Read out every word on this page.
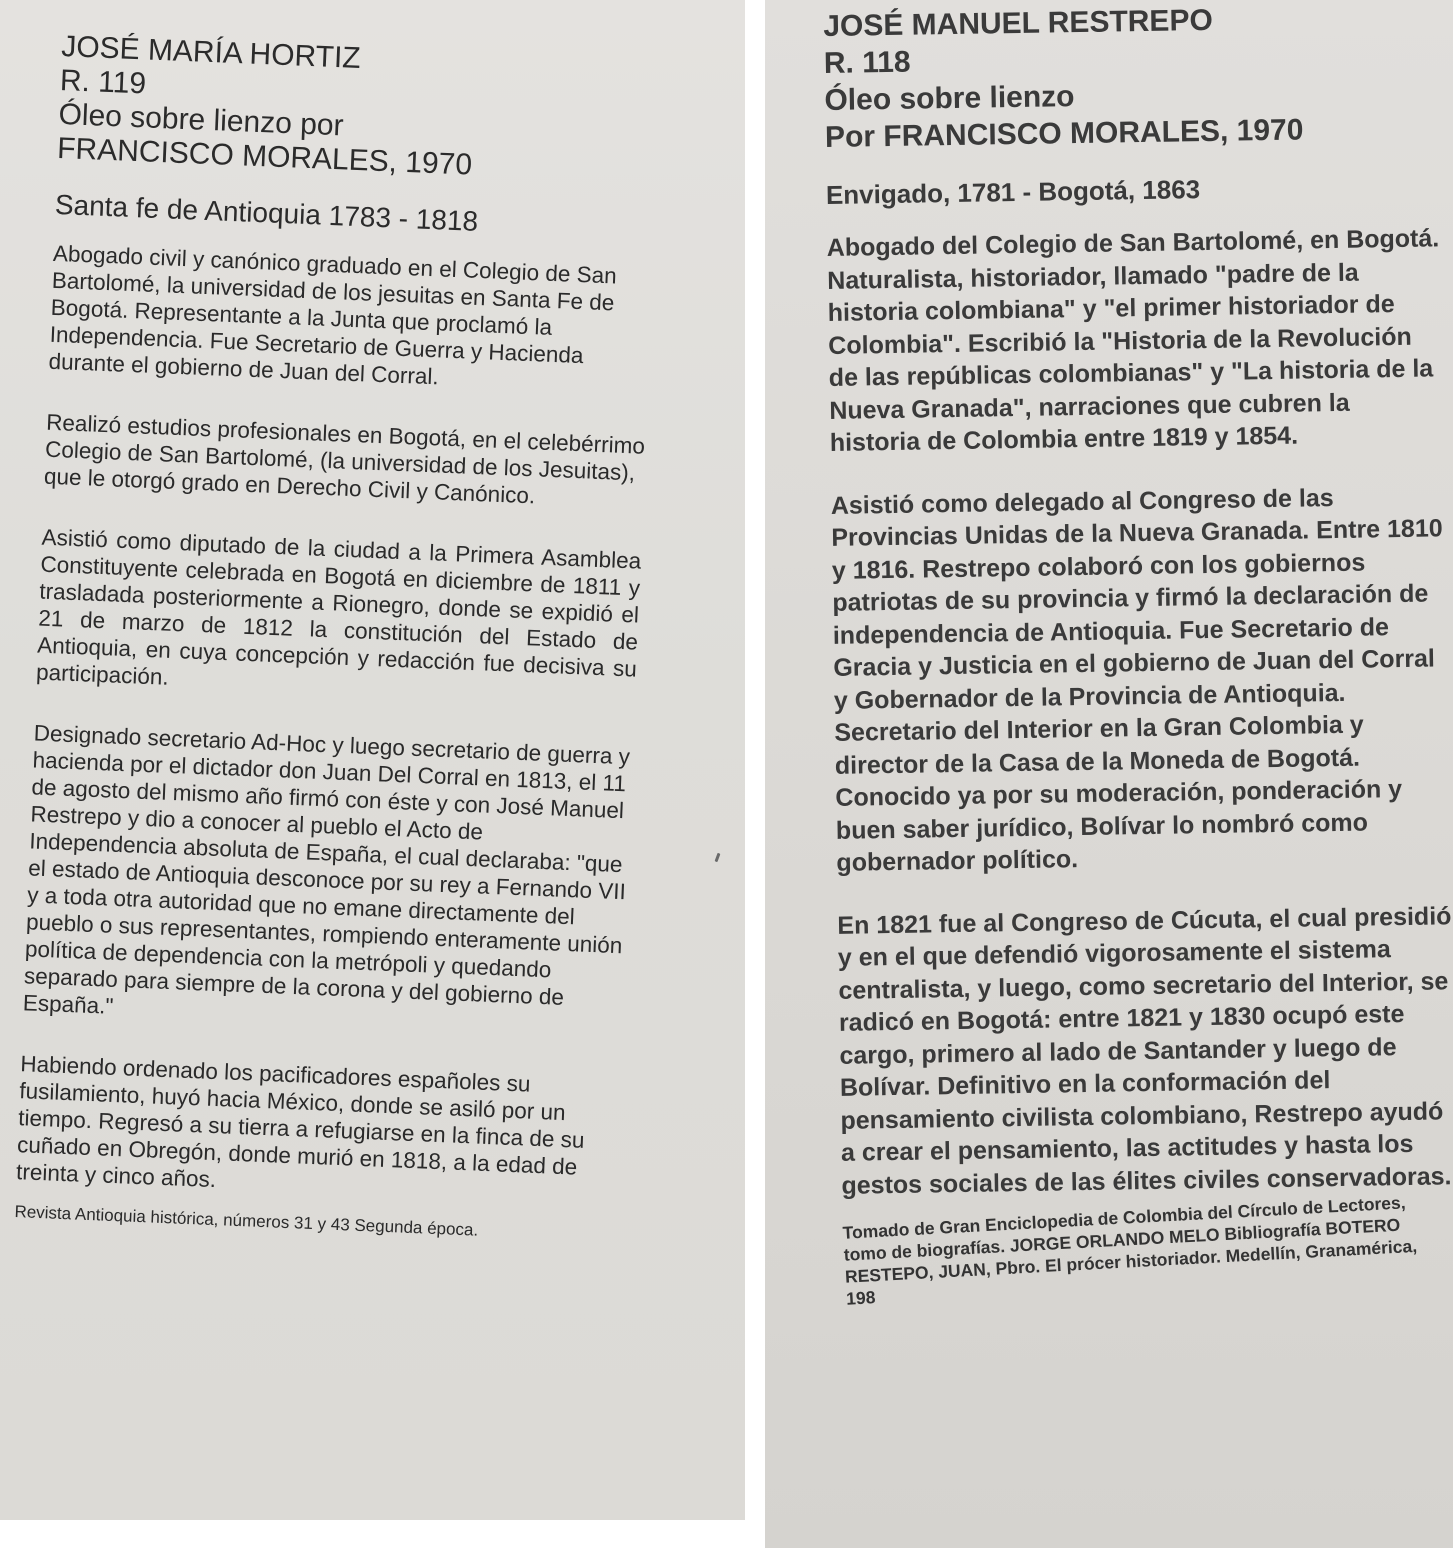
JOSÉ MARÍA HORTIZ

R. 119

Óleo sobre lienzo por

FRANCISCO MORALES, 1970

Santa fe de Antioquia 1783 - 1818

Abogado civil y canónico graduado en el Colegio de San Bartolomé, la universidad de los jesuitas en Santa Fe de Bogotá. Representante a la Junta que proclamó la Independencia. Fue Secretario de Guerra y Hacienda durante el gobierno de Juan del Corral.

Realizó estudios profesionales en Bogotá, en el celebérrimo Colegio de San Bartolomé, (la universidad de los Jesuitas), que le otorgó grado en Derecho Civil y Canónico.

Asistió como diputado de la ciudad a la Primera Asamblea Constituyente celebrada en Bogotá en diciembre de 1811 y trasladada posteriormente a Rionegro, donde se expidió el 21 de marzo de 1812 la constitución del Estado de Antioquia, en cuya concepción y redacción fue decisiva su participación.

Designado secretario Ad-Hoc y luego secretario de guerra y hacienda por el dictador don Juan Del Corral en 1813, el 11 de agosto del mismo año firmó con éste y con José Manuel Restrepo y dio a conocer al pueblo el Acto de Independencia absoluta de España, el cual declaraba: "que el estado de Antioquia desconoce por su rey a Fernando VII y a toda otra autoridad que no emane directamente del pueblo o sus representantes, rompiendo enteramente unión política de dependencia con la metrópoli y quedando separado para siempre de la corona y del gobierno de España."

Habiendo ordenado los pacificadores españoles su fusilamiento, huyó hacia México, donde se asiló por un tiempo. Regresó a su tierra a refugiarse en la finca de su cuñado en Obregón, donde murió en 1818, a la edad de treinta y cinco años.

Revista Antioquia histórica, números 31 y 43 Segunda época.

JOSÉ MANUEL RESTREPO

R. 118

Óleo sobre lienzo

Por FRANCISCO MORALES, 1970

Envigado, 1781 - Bogotá, 1863

Abogado del Colegio de San Bartolomé, en Bogotá. Naturalista, historiador, llamado "padre de la historia colombiana" y "el primer historiador de Colombia". Escribió la "Historia de la Revolución de las repúblicas colombianas" y "La historia de la Nueva Granada", narraciones que cubren la historia de Colombia entre 1819 y 1854.

Asistió como delegado al Congreso de las Provincias Unidas de la Nueva Granada. Entre 1810 y 1816. Restrepo colaboró con los gobiernos patriotas de su provincia y firmó la declaración de independencia de Antioquia. Fue Secretario de Gracia y Justicia en el gobierno de Juan del Corral y Gobernador de la Provincia de Antioquia. Secretario del Interior en la Gran Colombia y director de la Casa de la Moneda de Bogotá. Conocido ya por su moderación, ponderación y buen saber jurídico, Bolívar lo nombró como gobernador político.

En 1821 fue al Congreso de Cúcuta, el cual presidió y en el que defendió vigorosamente el sistema centralista, y luego, como secretario del Interior, se radicó en Bogotá: entre 1821 y 1830 ocupó este cargo, primero al lado de Santander y luego de Bolívar. Definitivo en la conformación del pensamiento civilista colombiano, Restrepo ayudó a crear el pensamiento, las actitudes y hasta los gestos sociales de las élites civiles conservadoras.

Tomado de Gran Enciclopedia de Colombia del Círculo de Lectores, tomo de biografías. JORGE ORLANDO MELO Bibliografía BOTERO RESTEPO, JUAN, Pbro. El prócer historiador. Medellín, Granamérica, 198
